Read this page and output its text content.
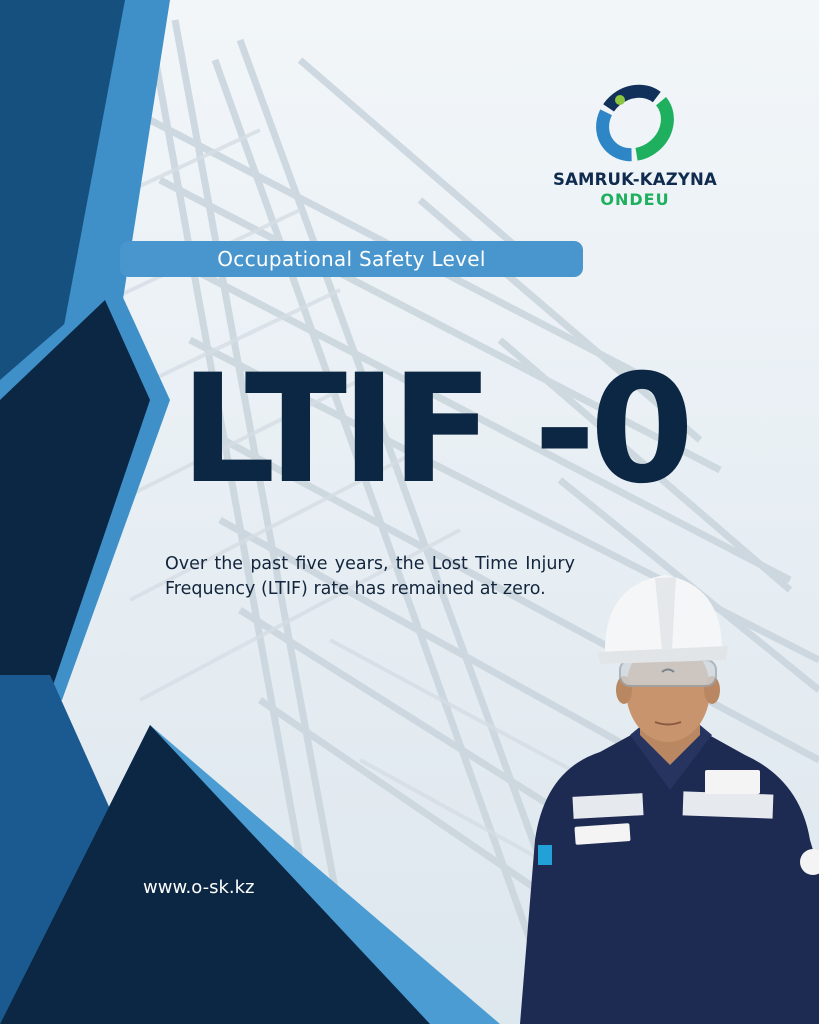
SAMRUK-KAZYNA
ONDEU
Occupational Safety Level
LTIF -0
Over the past five years, the Lost Time Injury Frequency (LTIF) rate has remained at zero.
www.o-sk.kz
